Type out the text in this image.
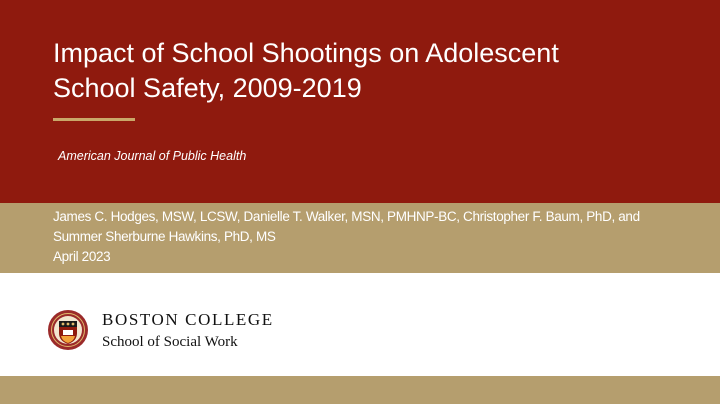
Impact of School Shootings on Adolescent
School Safety, 2009-2019
American Journal of Public Health
James C. Hodges, MSW, LCSW, Danielle T. Walker, MSN, PMHNP-BC, Christopher F. Baum, PhD, and
Summer Sherburne Hawkins, PhD, MS
April 2023
BOSTON COLLEGE
School of Social Work
